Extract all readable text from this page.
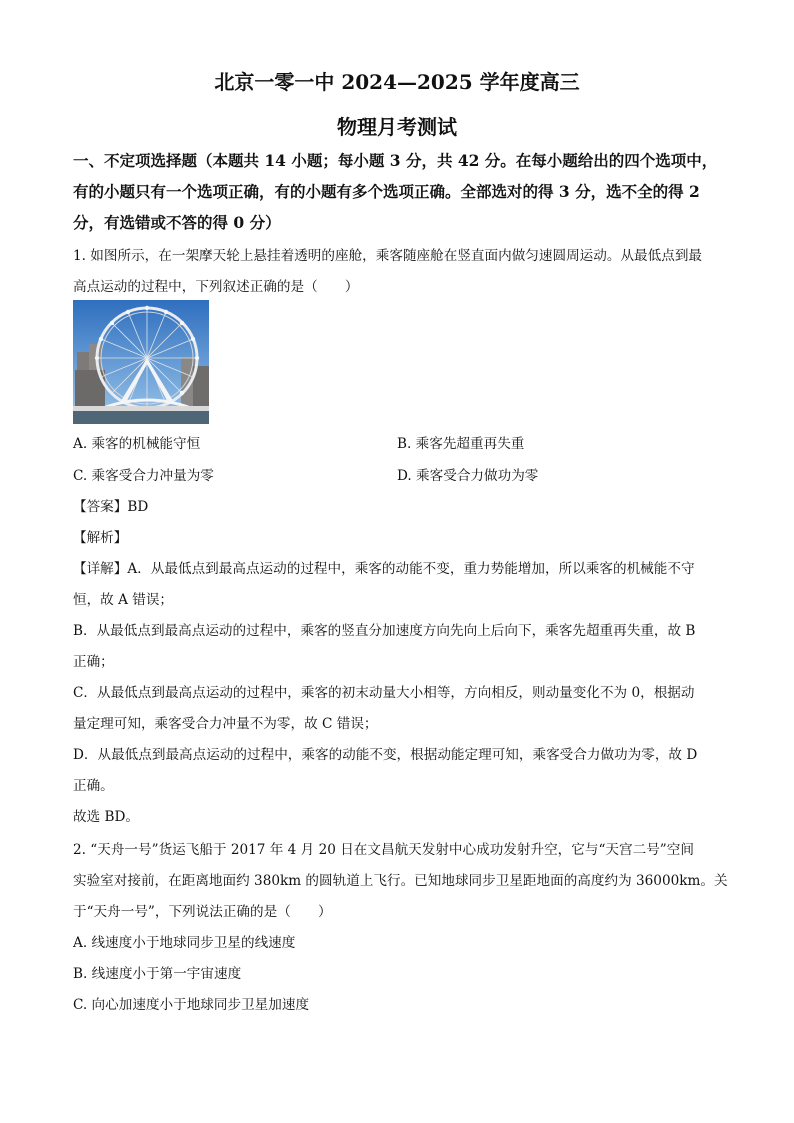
北京一零一中 2024—2025 学年度高三
物理月考测试
一、不定项选择题（本题共 14 小题；每小题 3 分，共 42 分。在每小题给出的四个选项中，有的小题只有一个选项正确，有的小题有多个选项正确。全部选对的得 3 分，选不全的得 2 分，有选错或不答的得 0 分）
1. 如图所示，在一架摩天轮上悬挂着透明的座舱，乘客随座舱在竖直面内做匀速圆周运动。从最低点到最
高点运动的过程中，下列叙述正确的是（　　）
A. 乘客的机械能守恒	B. 乘客先超重再失重
C. 乘客受合力冲量为零	D. 乘客受合力做功为零
【答案】BD
【解析】
【详解】A．从最低点到最高点运动的过程中，乘客的动能不变，重力势能增加，所以乘客的机械能不守
恒，故 A 错误；
B．从最低点到最高点运动的过程中，乘客的竖直分加速度方向先向上后向下，乘客先超重再失重，故 B
正确；
C．从最低点到最高点运动的过程中，乘客的初末动量大小相等，方向相反，则动量变化不为 0，根据动
量定理可知，乘客受合力冲量不为零，故 C 错误；
D．从最低点到最高点运动的过程中，乘客的动能不变，根据动能定理可知，乘客受合力做功为零，故 D
正确。
故选 BD。
2. “天舟一号”货运飞船于 2017 年 4 月 20 日在文昌航天发射中心成功发射升空，它与“天宫二号”空间
实验室对接前，在距离地面约 380km 的圆轨道上飞行。已知地球同步卫星距地面的高度约为 36000km。关
于“天舟一号”，下列说法正确的是（　　）
A. 线速度小于地球同步卫星的线速度
B. 线速度小于第一宇宙速度
C. 向心加速度小于地球同步卫星加速度
